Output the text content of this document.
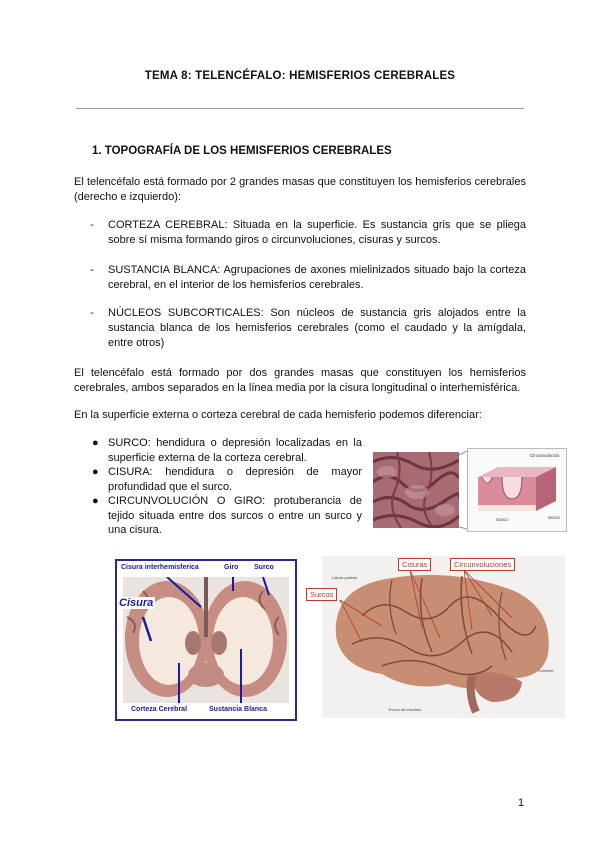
TEMA 8: TELENCÉFALO: HEMISFERIOS CEREBRALES
1. TOPOGRAFÍA DE LOS HEMISFERIOS CEREBRALES
El telencéfalo está formado por 2 grandes masas que constituyen los hemisferios cerebrales (derecho e izquierdo):
- CORTEZA CEREBRAL: Situada en la superficie. Es sustancia gris que se pliega sobre sí misma formando giros o circunvoluciones, cisuras y surcos.
- SUSTANCIA BLANCA: Agrupaciones de axones mielinizados situado bajo la corteza cerebral, en el interior de los hemisferios cerebrales.
- NÚCLEOS SUBCORTICALES: Son núcleos de sustancia gris alojados entre la sustancia blanca de los hemisferios cerebrales (como el caudado y la amígdala, entre otros)
El telencéfalo está formado por dos grandes masas que constituyen los hemisferios cerebrales, ambos separados en la línea media por la cisura longitudinal o interhemisférica.
En la superficie externa o corteza cerebral de cada hemisferio podemos diferenciar:
● SURCO: hendidura o depresión localizadas en la superficie externa de la corteza cerebral.
● CISURA: hendidura o depresión de mayor profundidad que el surco.
● CIRCUNVOLUCIÓN O GIRO: protuberancia de tejido situada entre dos surcos o entre un surco y una cisura.
Circunvolución
Surco	Surco
Cisura interhemisferica	Giro Surco
Cisura
Corteza Cerebral	Sustancia Blanca
Cisuras	Circunvoluciones
Surcos
Lóbulo parietal
Cerebelo
Tronco del encéfalo
1
